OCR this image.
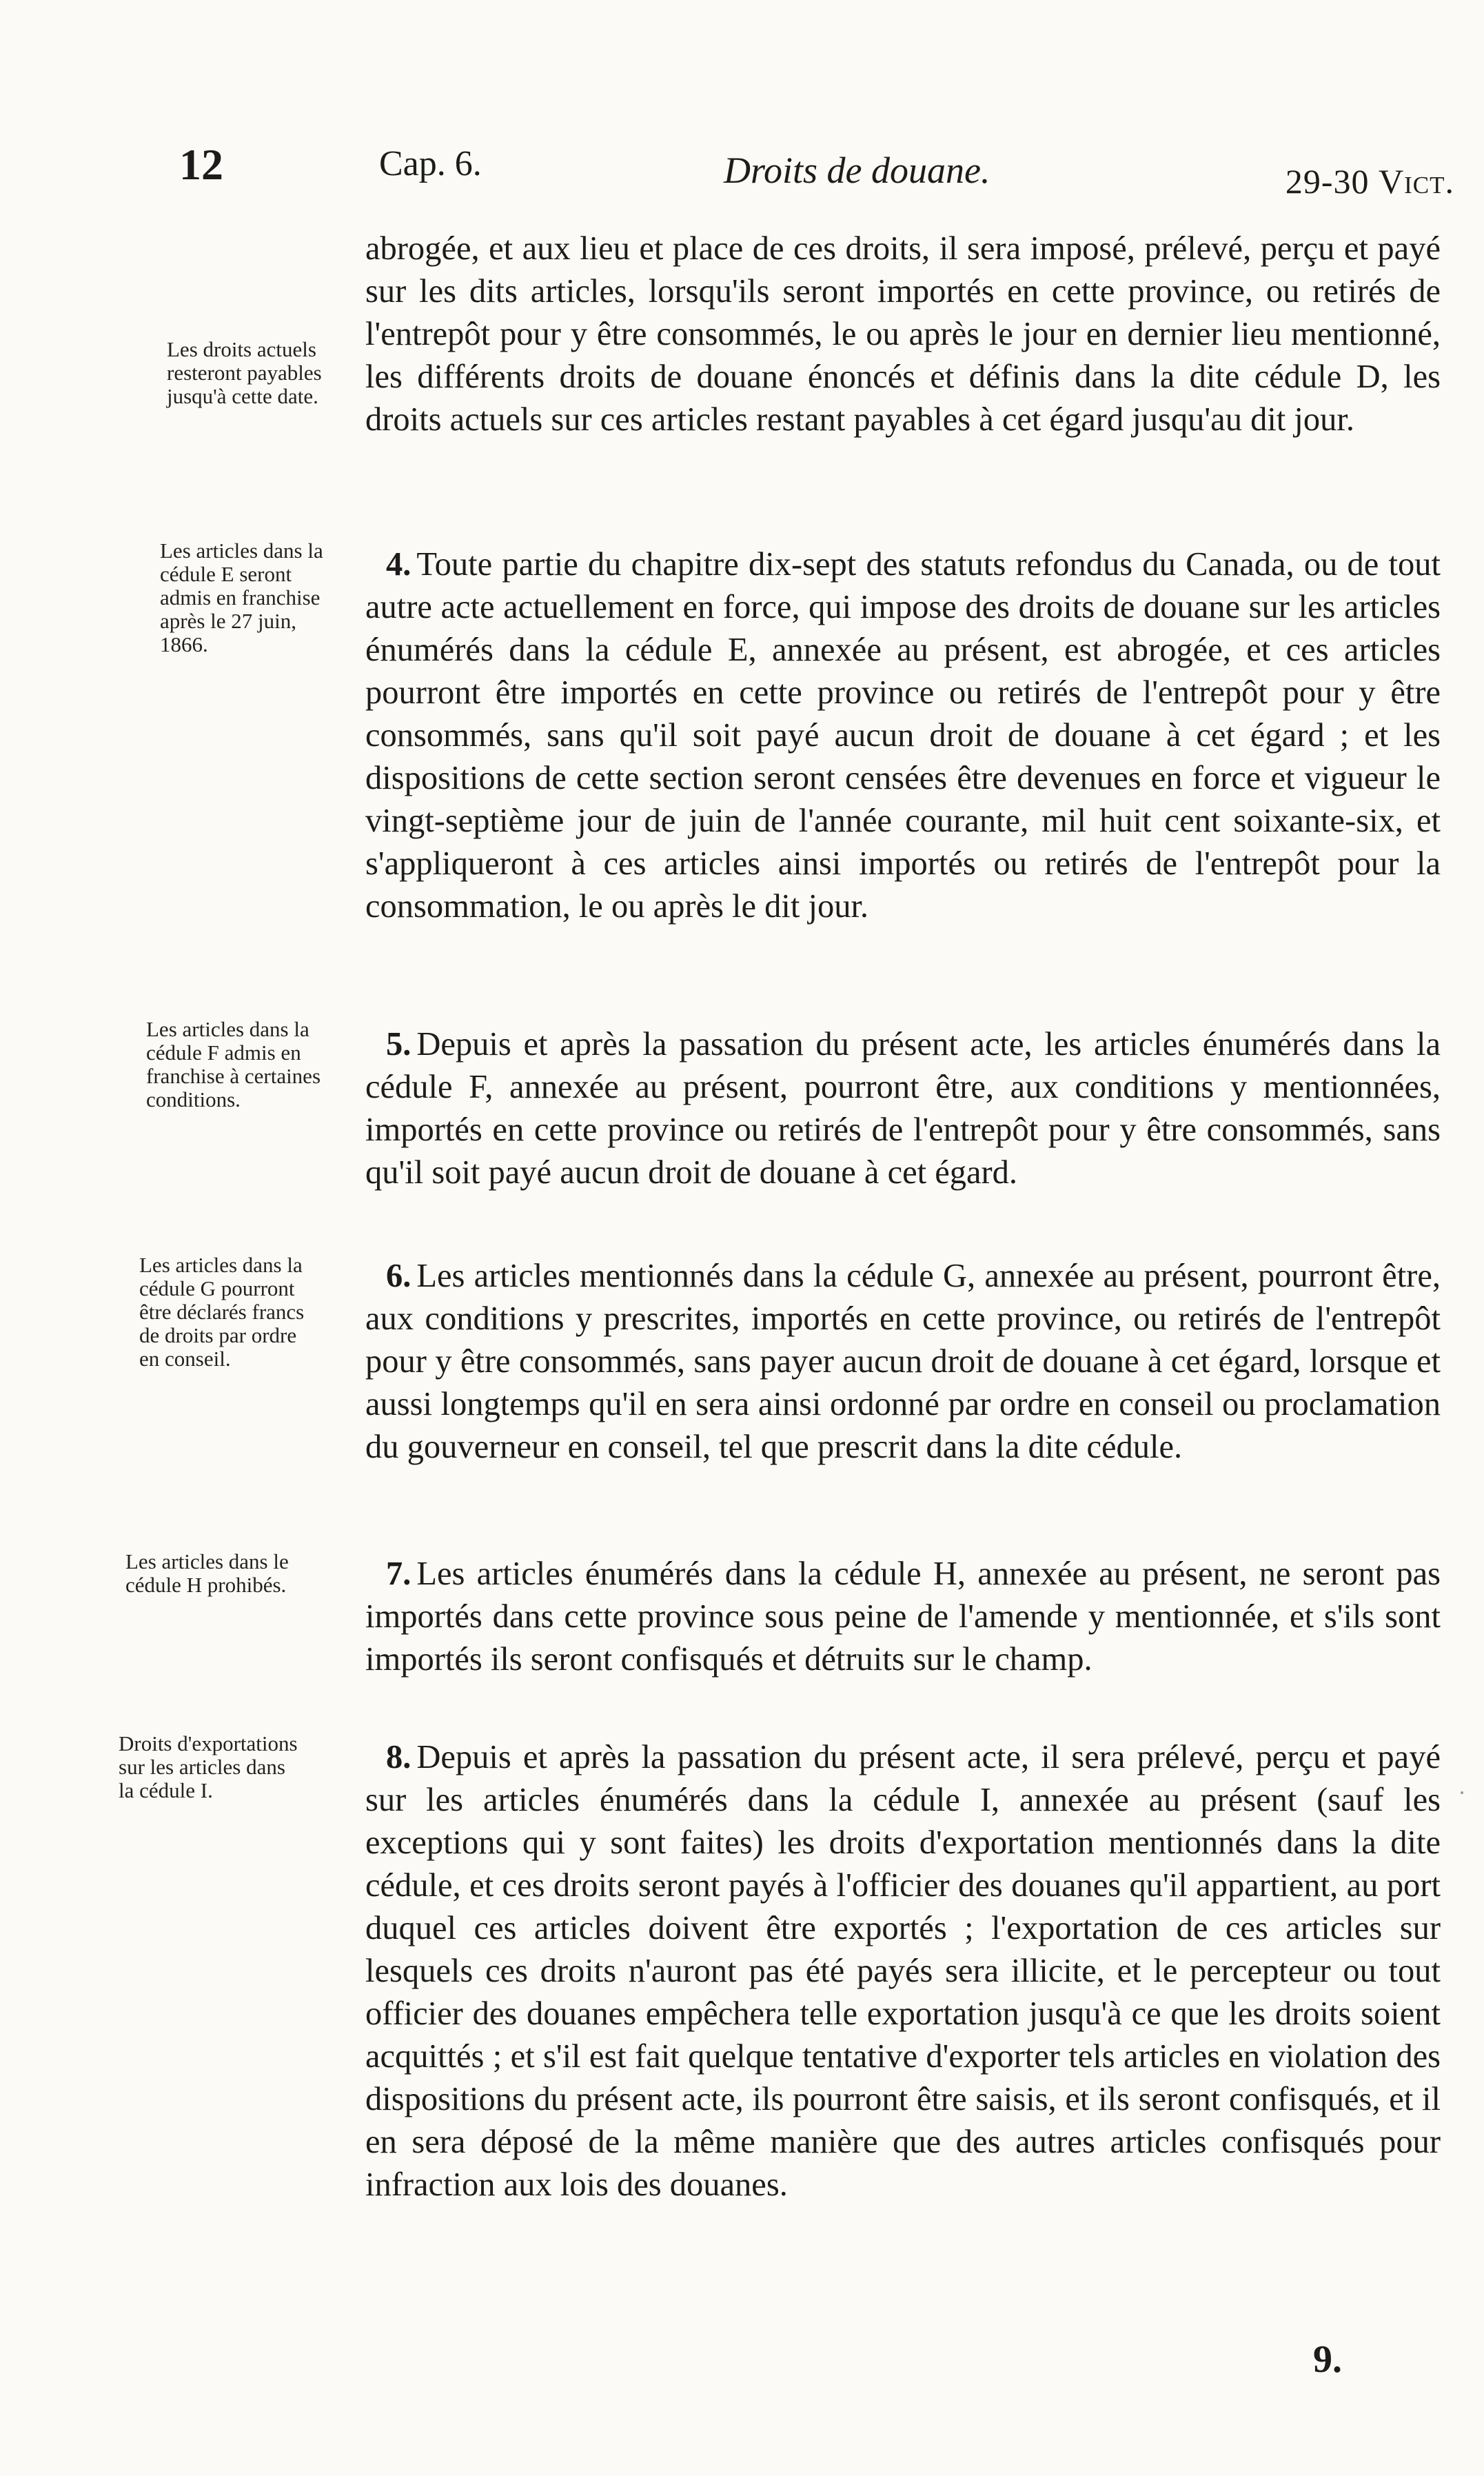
12	Cap. 6.	Droits de douane.	29-30 Vict.

abrogée, et aux lieu et place de ces droits, il sera imposé, prélevé, perçu et payé sur les dits articles, lorsqu'ils seront importés en cette province, ou retirés de l'entrepôt pour y être consommés, le ou après le jour en dernier lieu mentionné, les différents droits de douane énoncés et définis dans la dite cédule D, les droits actuels sur ces articles restant payables à cet égard jusqu'au dit jour.

Les droits actuels resteront payables jusqu'à cette date.

Les articles dans la cédule E seront admis en franchise après le 27 juin, 1866.

Les articles dans la cédule F admis en franchise à certaines conditions.

Les articles dans la cédule G pourront être déclarés francs de droits par ordre en conseil.

Les articles dans le cédule H prohibés.

Droits d'exportations sur les articles dans la cédule I.

4. Toute partie du chapitre dix-sept des statuts refondus du Canada, ou de tout autre acte actuellement en force, qui impose des droits de douane sur les articles énumérés dans la cédule E, annexée au présent, est abrogée, et ces articles pourront être importés en cette province ou retirés de l'entrepôt pour y être consommés, sans qu'il soit payé aucun droit de douane à cet égard ; et les dispositions de cette section seront censées être devenues en force et vigueur le vingt-septième jour de juin de l'année courante, mil huit cent soixante-six, et s'appliqueront à ces articles ainsi importés ou retirés de l'entrepôt pour la consommation, le ou après le dit jour.

5. Depuis et après la passation du présent acte, les articles énumérés dans la cédule F, annexée au présent, pourront être, aux conditions y mentionnées, importés en cette province ou retirés de l'entrepôt pour y être consommés, sans qu'il soit payé aucun droit de douane à cet égard.

6. Les articles mentionnés dans la cédule G, annexée au présent, pourront être, aux conditions y prescrites, importés en cette province, ou retirés de l'entrepôt pour y être consommés, sans payer aucun droit de douane à cet égard, lorsque et aussi longtemps qu'il en sera ainsi ordonné par ordre en conseil ou proclamation du gouverneur en conseil, tel que prescrit dans la dite cédule.

7. Les articles énumérés dans la cédule H, annexée au présent, ne seront pas importés dans cette province sous peine de l'amende y mentionnée, et s'ils sont importés ils seront confisqués et détruits sur le champ.

8. Depuis et après la passation du présent acte, il sera prélevé, perçu et payé sur les articles énumérés dans la cédule I, annexée au présent (sauf les exceptions qui y sont faites) les droits d'exportation mentionnés dans la dite cédule, et ces droits seront payés à l'officier des douanes qu'il appartient, au port duquel ces articles doivent être exportés ; l'exportation de ces articles sur lesquels ces droits n'auront pas été payés sera illicite, et le percepteur ou tout officier des douanes empêchera telle exportation jusqu'à ce que les droits soient acquittés ; et s'il est fait quelque tentative d'exporter tels articles en violation des dispositions du présent acte, ils pourront être saisis, et ils seront confisqués, et il en sera déposé de la même manière que des autres articles confisqués pour infraction aux lois des douanes.

9.
